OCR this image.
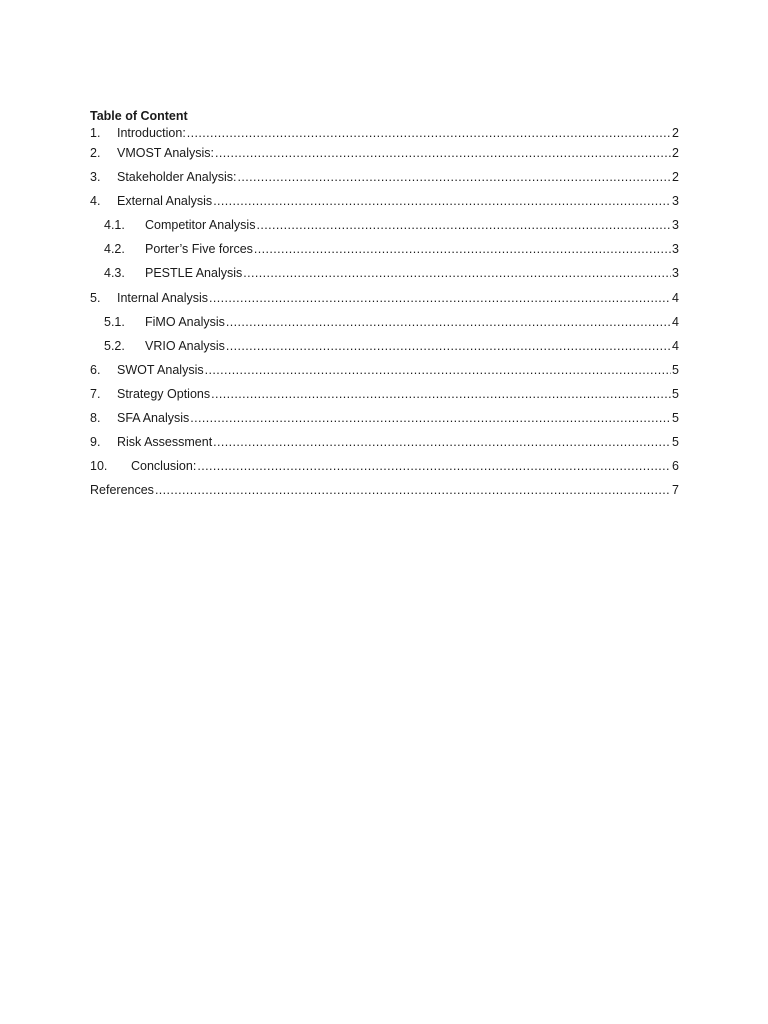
Table of Content
1.	Introduction: .....	2
2.	VMOST Analysis: .....	2
3.	Stakeholder Analysis: .....	2
4.	External Analysis .....	3
4.1.	Competitor Analysis .....	3
4.2.	Porter’s Five forces .....	3
4.3.	PESTLE Analysis .....	3
5.	Internal Analysis .....	4
5.1.	FiMO Analysis .....	4
5.2.	VRIO Analysis .....	4
6.	SWOT Analysis .....	5
7.	Strategy Options .....	5
8.	SFA Analysis .....	5
9.	Risk Assessment .....	5
10.	Conclusion: .....	6
References .....	7
